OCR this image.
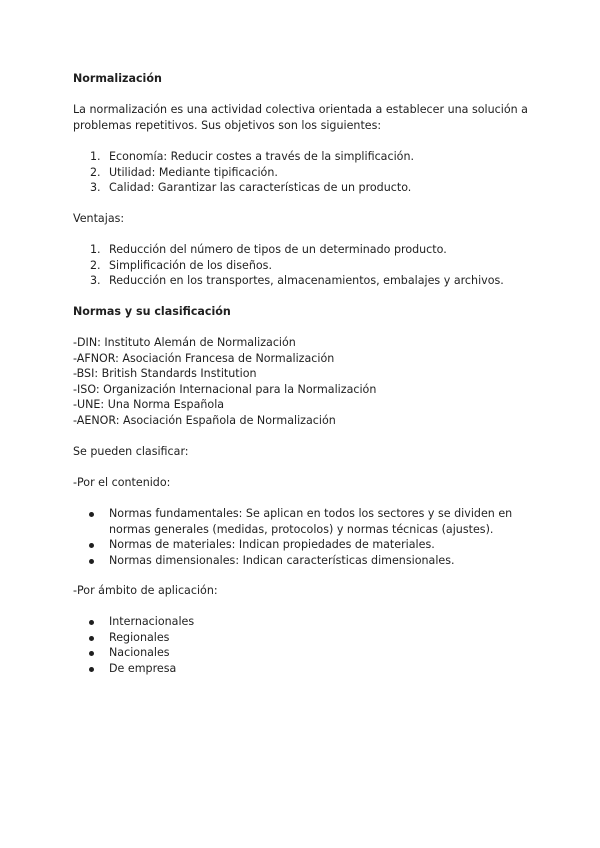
Normalización

La normalización es una actividad colectiva orientada a establecer una solución a problemas repetitivos. Sus objetivos son los siguientes:

1. Economía: Reducir costes a través de la simplificación.
2. Utilidad: Mediante tipificación.
3. Calidad: Garantizar las características de un producto.

Ventajas:

1. Reducción del número de tipos de un determinado producto.
2. Simplificación de los diseños.
3. Reducción en los transportes, almacenamientos, embalajes y archivos.
Normas y su clasificación
-DIN: Instituto Alemán de Normalización
-AFNOR: Asociación Francesa de Normalización
-BSI: British Standards Institution
-ISO: Organización Internacional para la Normalización
-UNE: Una Norma Española
-AENOR: Asociación Española de Normalización

Se pueden clasificar:

-Por el contenido:

Normas fundamentales: Se aplican en todos los sectores y se dividen en normas generales (medidas, protocolos) y normas técnicas (ajustes).
Normas de materiales: Indican propiedades de materiales.
Normas dimensionales: Indican características dimensionales.

-Por ámbito de aplicación:

Internacionales
Regionales
Nacionales
De empresa
